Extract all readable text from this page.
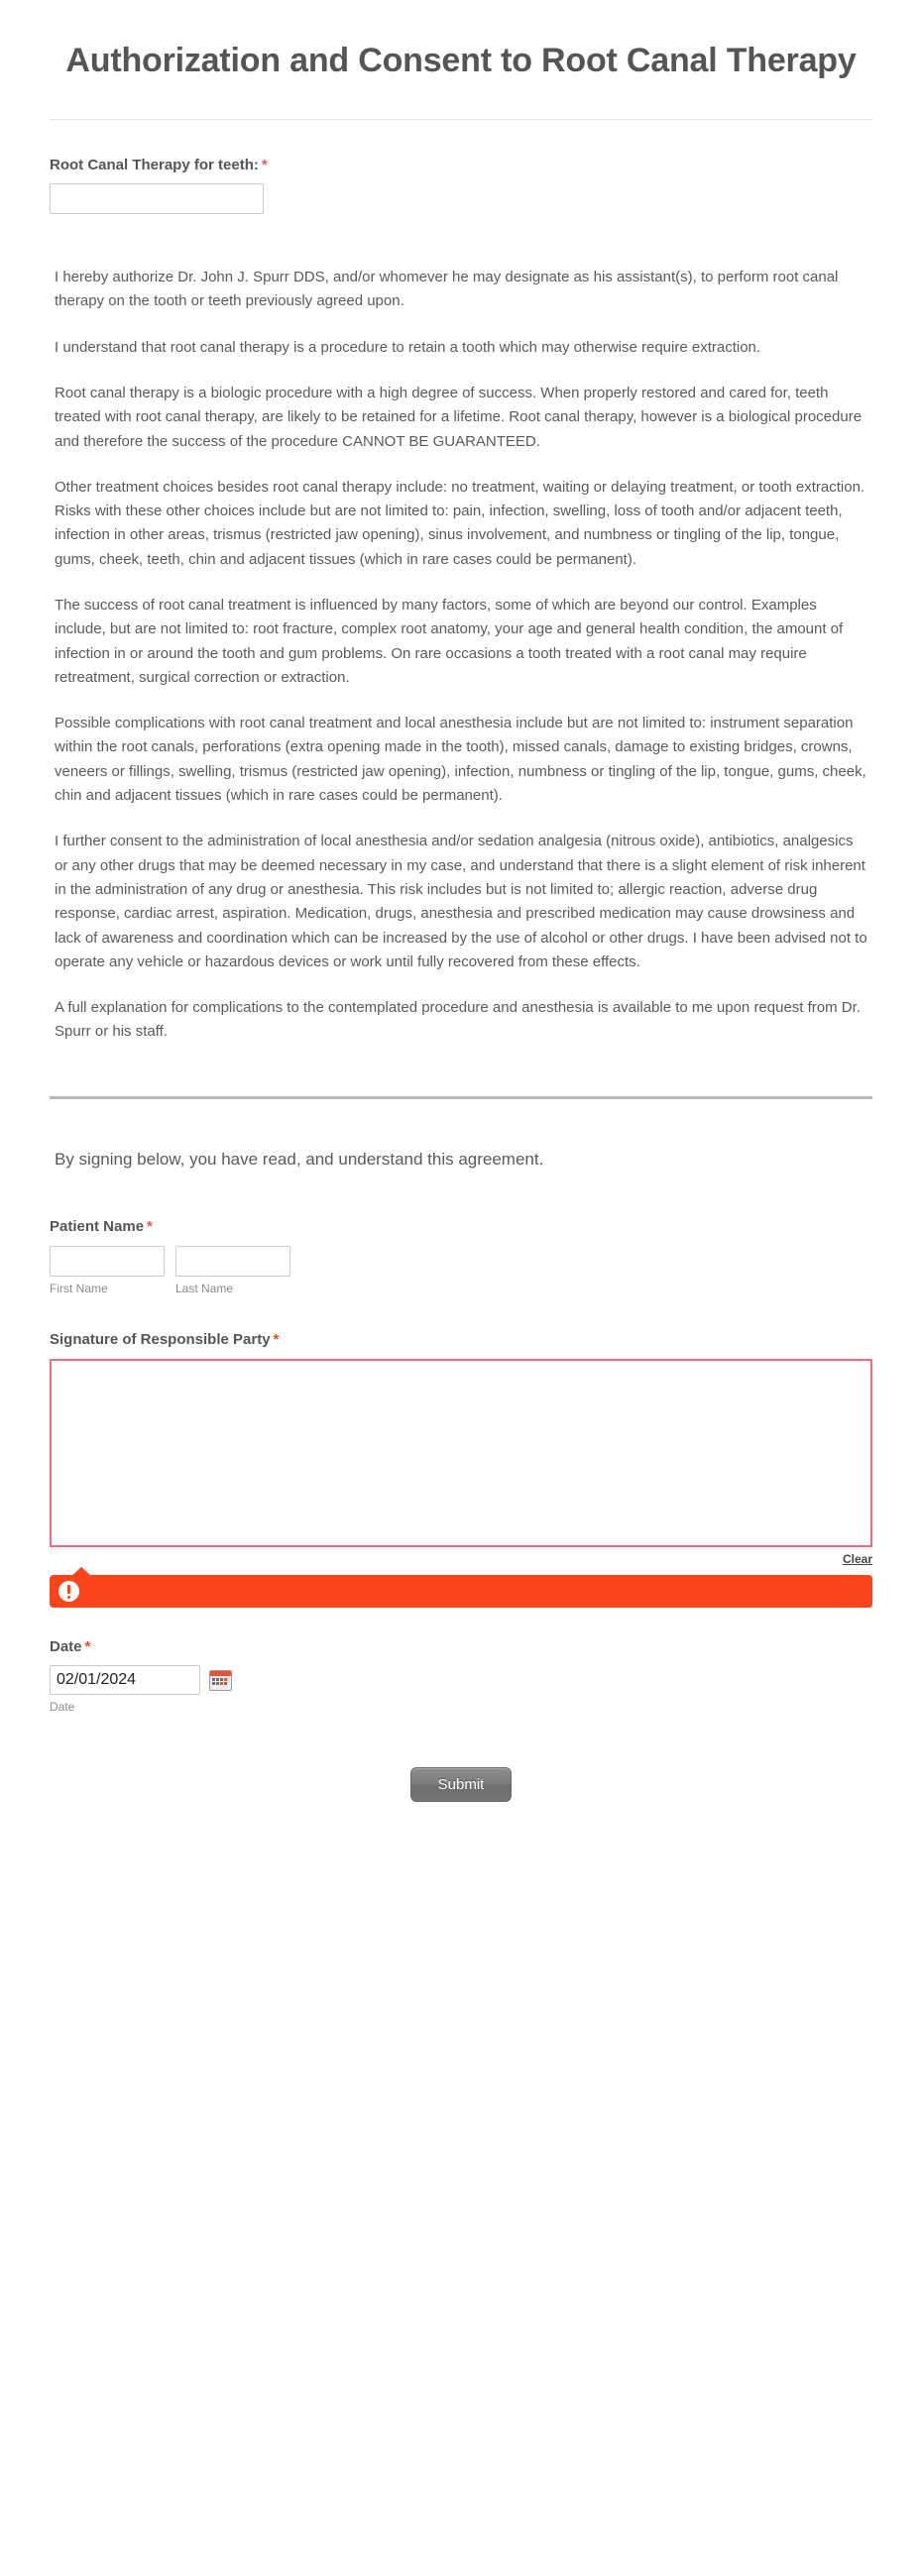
Authorization and Consent to Root Canal Therapy
Root Canal Therapy for teeth: *

I hereby authorize Dr. John J. Spurr DDS, and/or whomever he may designate as his assistant(s), to perform root canal therapy on the tooth or teeth previously agreed upon.

I understand that root canal therapy is a procedure to retain a tooth which may otherwise require extraction.

Root canal therapy is a biologic procedure with a high degree of success. When properly restored and cared for, teeth treated with root canal therapy, are likely to be retained for a lifetime. Root canal therapy, however is a biological procedure and therefore the success of the procedure CANNOT BE GUARANTEED.

Other treatment choices besides root canal therapy include: no treatment, waiting or delaying treatment, or tooth extraction. Risks with these other choices include but are not limited to: pain, infection, swelling, loss of tooth and/or adjacent teeth, infection in other areas, trismus (restricted jaw opening), sinus involvement, and numbness or tingling of the lip, tongue, gums, cheek, teeth, chin and adjacent tissues (which in rare cases could be permanent).

The success of root canal treatment is influenced by many factors, some of which are beyond our control. Examples include, but are not limited to: root fracture, complex root anatomy, your age and general health condition, the amount of infection in or around the tooth and gum problems. On rare occasions a tooth treated with a root canal may require retreatment, surgical correction or extraction.

Possible complications with root canal treatment and local anesthesia include but are not limited to: instrument separation within the root canals, perforations (extra opening made in the tooth), missed canals, damage to existing bridges, crowns, veneers or fillings, swelling, trismus (restricted jaw opening), infection, numbness or tingling of the lip, tongue, gums, cheek, chin and adjacent tissues (which in rare cases could be permanent).

I further consent to the administration of local anesthesia and/or sedation analgesia (nitrous oxide), antibiotics, analgesics or any other drugs that may be deemed necessary in my case, and understand that there is a slight element of risk inherent in the administration of any drug or anesthesia. This risk includes but is not limited to; allergic reaction, adverse drug response, cardiac arrest, aspiration. Medication, drugs, anesthesia and prescribed medication may cause drowsiness and lack of awareness and coordination which can be increased by the use of alcohol or other drugs. I have been advised not to operate any vehicle or hazardous devices or work until fully recovered from these effects.

A full explanation for complications to the contemplated procedure and anesthesia is available to me upon request from Dr. Spurr or his staff.

By signing below, you have read, and understand this agreement.
Patient Name *
First Name	Last Name
Signature of Responsible Party *
Clear
Date *
02/01/2024
Date
Submit
